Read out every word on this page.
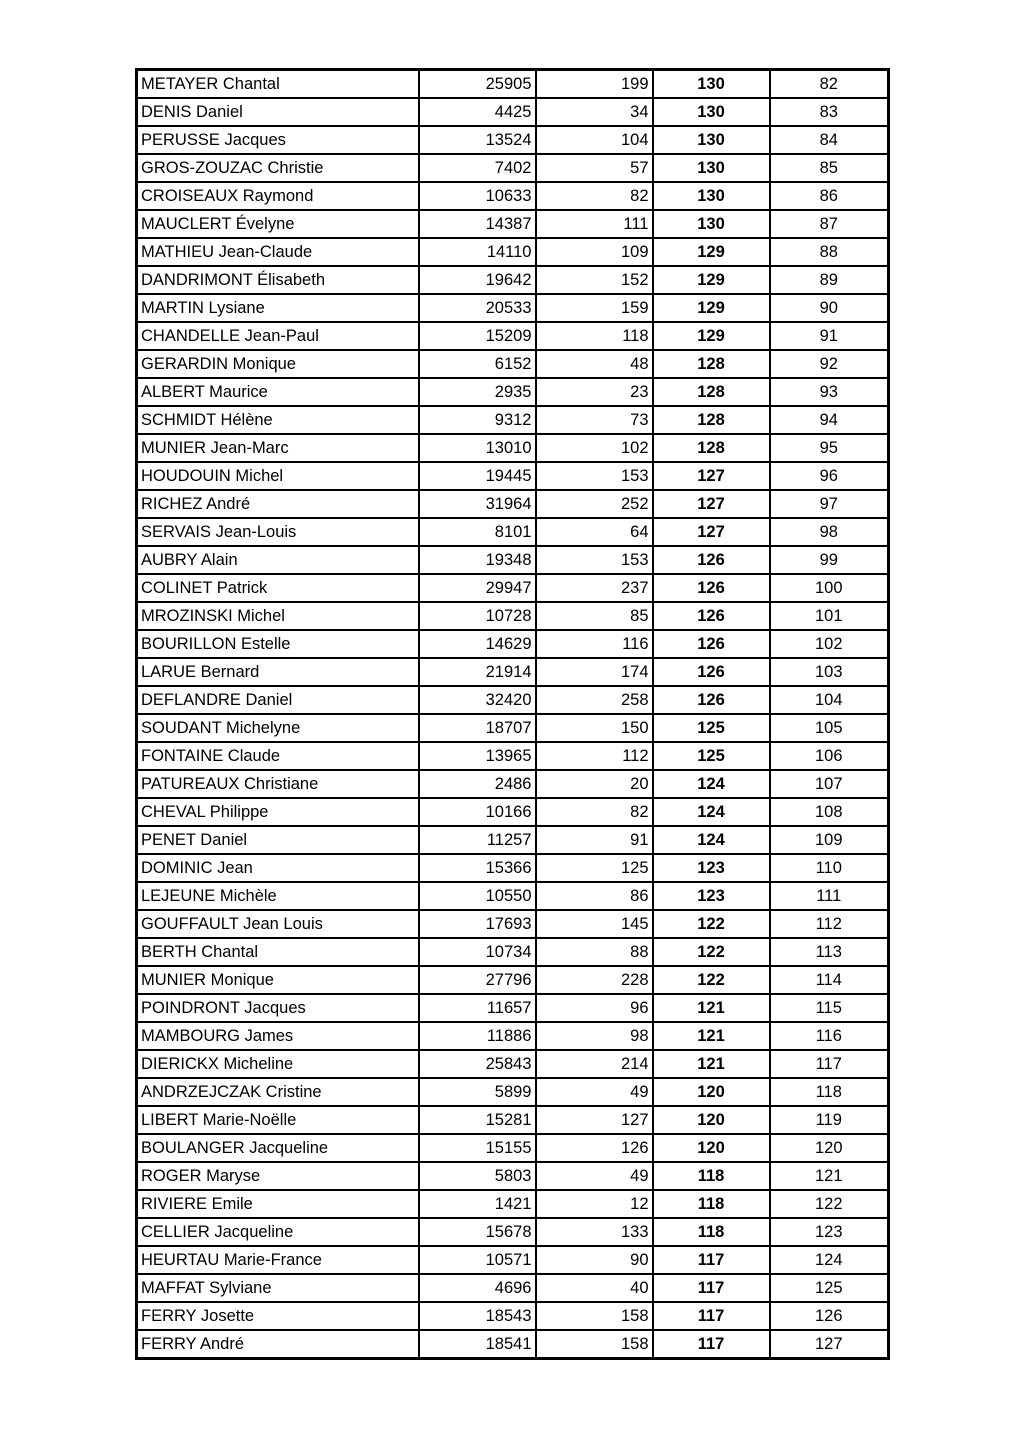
METAYER Chantal	25905	199	130	82
DENIS Daniel	4425	34	130	83
PERUSSE Jacques	13524	104	130	84
GROS-ZOUZAC Christie	7402	57	130	85
CROISEAUX Raymond	10633	82	130	86
MAUCLERT Évelyne	14387	111	130	87
MATHIEU Jean-Claude	14110	109	129	88
DANDRIMONT Élisabeth	19642	152	129	89
MARTIN Lysiane	20533	159	129	90
CHANDELLE Jean-Paul	15209	118	129	91
GERARDIN Monique	6152	48	128	92
ALBERT Maurice	2935	23	128	93
SCHMIDT Hélène	9312	73	128	94
MUNIER Jean-Marc	13010	102	128	95
HOUDOUIN Michel	19445	153	127	96
RICHEZ André	31964	252	127	97
SERVAIS Jean-Louis	8101	64	127	98
AUBRY Alain	19348	153	126	99
COLINET Patrick	29947	237	126	100
MROZINSKI Michel	10728	85	126	101
BOURILLON Estelle	14629	116	126	102
LARUE Bernard	21914	174	126	103
DEFLANDRE Daniel	32420	258	126	104
SOUDANT Michelyne	18707	150	125	105
FONTAINE Claude	13965	112	125	106
PATUREAUX Christiane	2486	20	124	107
CHEVAL Philippe	10166	82	124	108
PENET Daniel	11257	91	124	109
DOMINIC Jean	15366	125	123	110
LEJEUNE Michèle	10550	86	123	111
GOUFFAULT Jean Louis	17693	145	122	112
BERTH Chantal	10734	88	122	113
MUNIER Monique	27796	228	122	114
POINDRONT Jacques	11657	96	121	115
MAMBOURG James	11886	98	121	116
DIERICKX Micheline	25843	214	121	117
ANDRZEJCZAK Cristine	5899	49	120	118
LIBERT Marie-Noëlle	15281	127	120	119
BOULANGER Jacqueline	15155	126	120	120
ROGER Maryse	5803	49	118	121
RIVIERE Emile	1421	12	118	122
CELLIER Jacqueline	15678	133	118	123
HEURTAU Marie-France	10571	90	117	124
MAFFAT Sylviane	4696	40	117	125
FERRY Josette	18543	158	117	126
FERRY André	18541	158	117	127
